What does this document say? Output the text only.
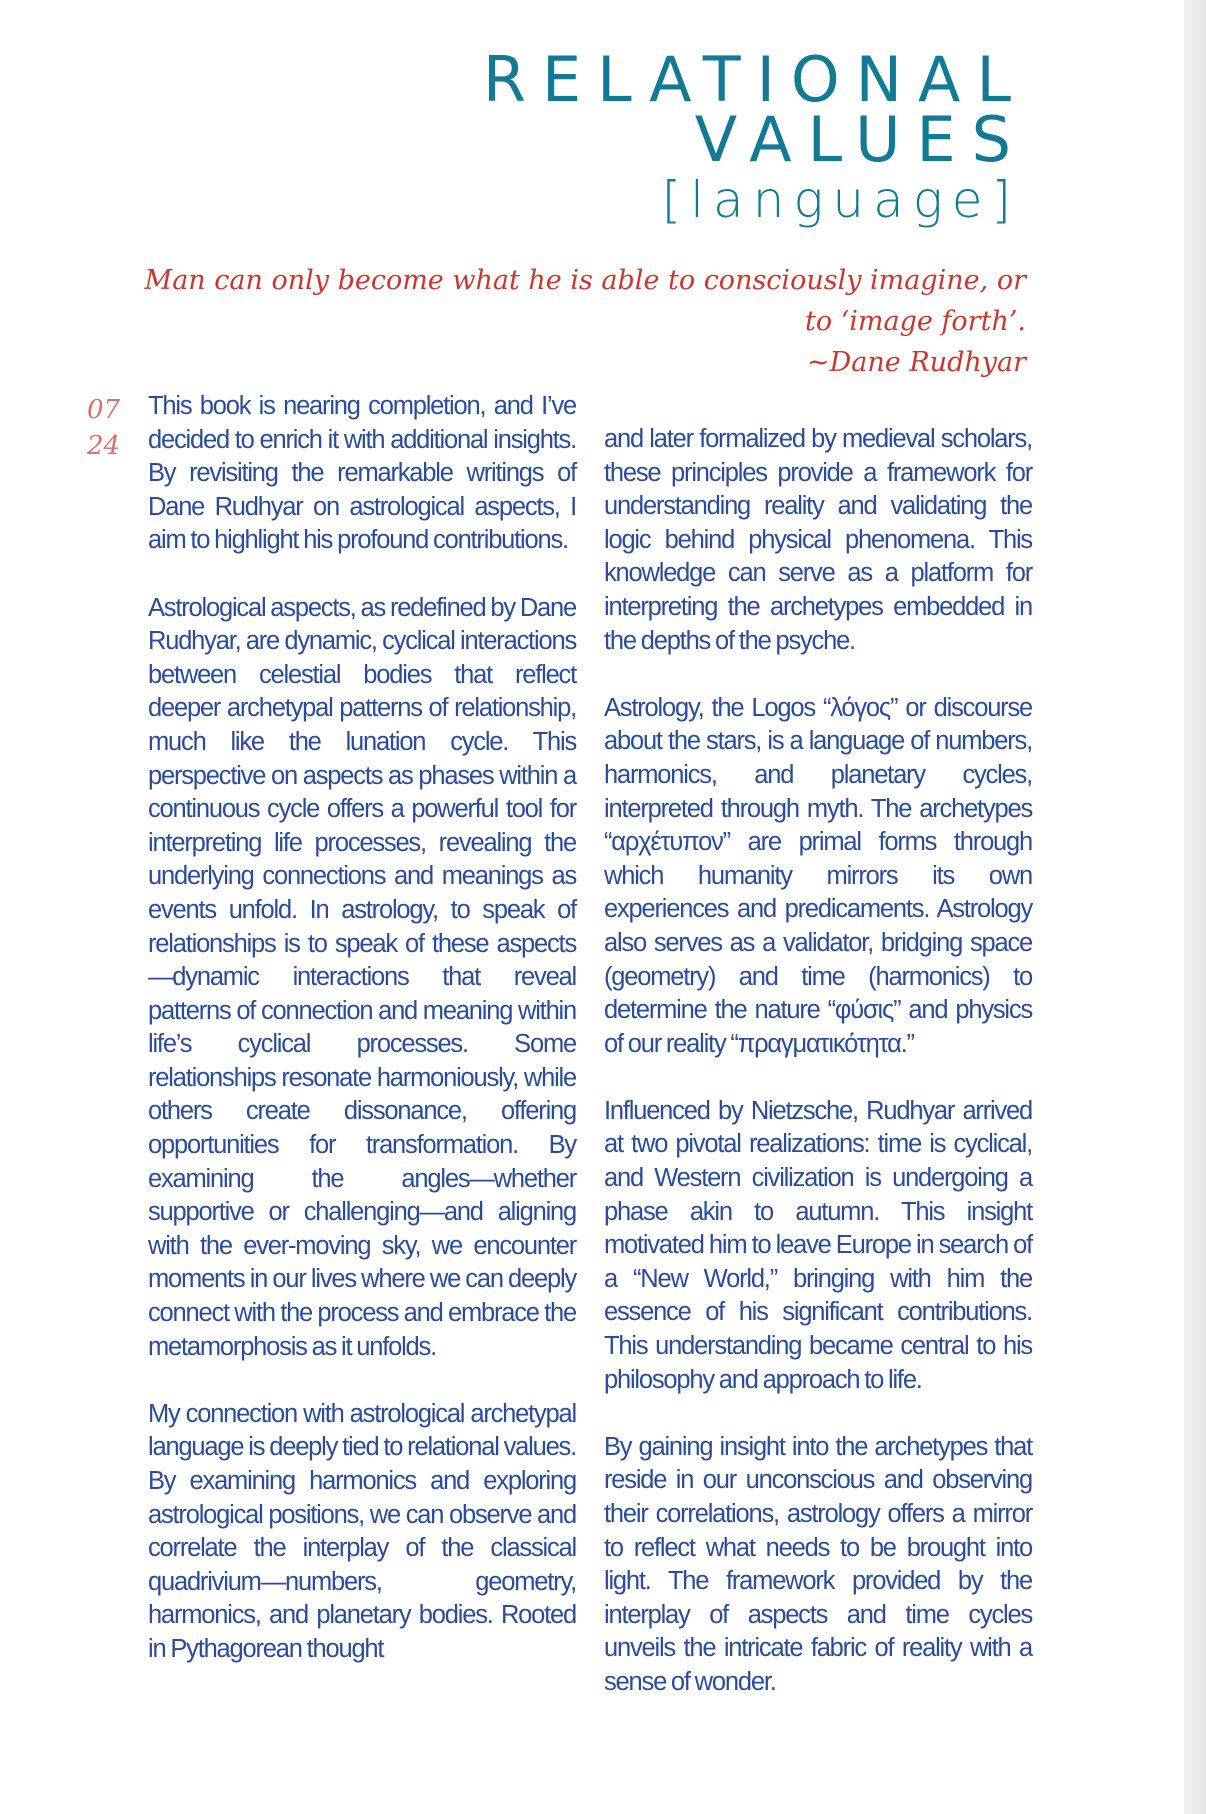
RELATIONAL
VALUES
[language]
Man can only become what he is able to consciously imagine, or
to ‘image forth’.
~Dane Rudhyar
07
24

This book is nearing completion, and I’ve decided to enrich it with additional insights. By revisiting the remarkable writings of Dane Rudhyar on astrological aspects, I aim to highlight his profound contributions.

Astrological aspects, as redefined by Dane Rudhyar, are dynamic, cyclical interactions between celestial bodies that reflect deeper archetypal patterns of relationship, much like the lunation cycle. This perspective on aspects as phases within a continuous cycle offers a powerful tool for interpreting life processes, revealing the underlying connections and meanings as events unfold. In astrology, to speak of relationships is to speak of these aspects—dynamic interactions that reveal patterns of connection and meaning within life’s cyclical processes. Some relationships resonate harmoniously, while others create dissonance, offering opportunities for transformation. By examining the angles—whether supportive or challenging—and aligning with the ever-moving sky, we encounter moments in our lives where we can deeply connect with the process and embrace the metamorphosis as it unfolds.

My connection with astrological archetypal language is deeply tied to relational values. By examining harmonics and exploring astrological positions, we can observe and correlate the interplay of the classical quadrivium—numbers, geometry, harmonics, and planetary bodies. Rooted in Pythagorean thought

and later formalized by medieval scholars, these principles provide a framework for understanding reality and validating the logic behind physical phenomena. This knowledge can serve as a platform for interpreting the archetypes embedded in the depths of the psyche.

Astrology, the Logos “λόγος” or discourse about the stars, is a language of numbers, harmonics, and planetary cycles, interpreted through myth. The archetypes “αρχέτυπον” are primal forms through which humanity mirrors its own experiences and predicaments. Astrology also serves as a validator, bridging space (geometry) and time (harmonics) to determine the nature “φύσις” and physics of our reality “πραγματικότητα.”

Influenced by Nietzsche, Rudhyar arrived at two pivotal realizations: time is cyclical, and Western civilization is undergoing a phase akin to autumn. This insight motivated him to leave Europe in search of a “New World,” bringing with him the essence of his significant contributions. This understanding became central to his philosophy and approach to life.

By gaining insight into the archetypes that reside in our unconscious and observing their correlations, astrology offers a mirror to reflect what needs to be brought into light. The framework provided by the interplay of aspects and time cycles unveils the intricate fabric of reality with a sense of wonder.
